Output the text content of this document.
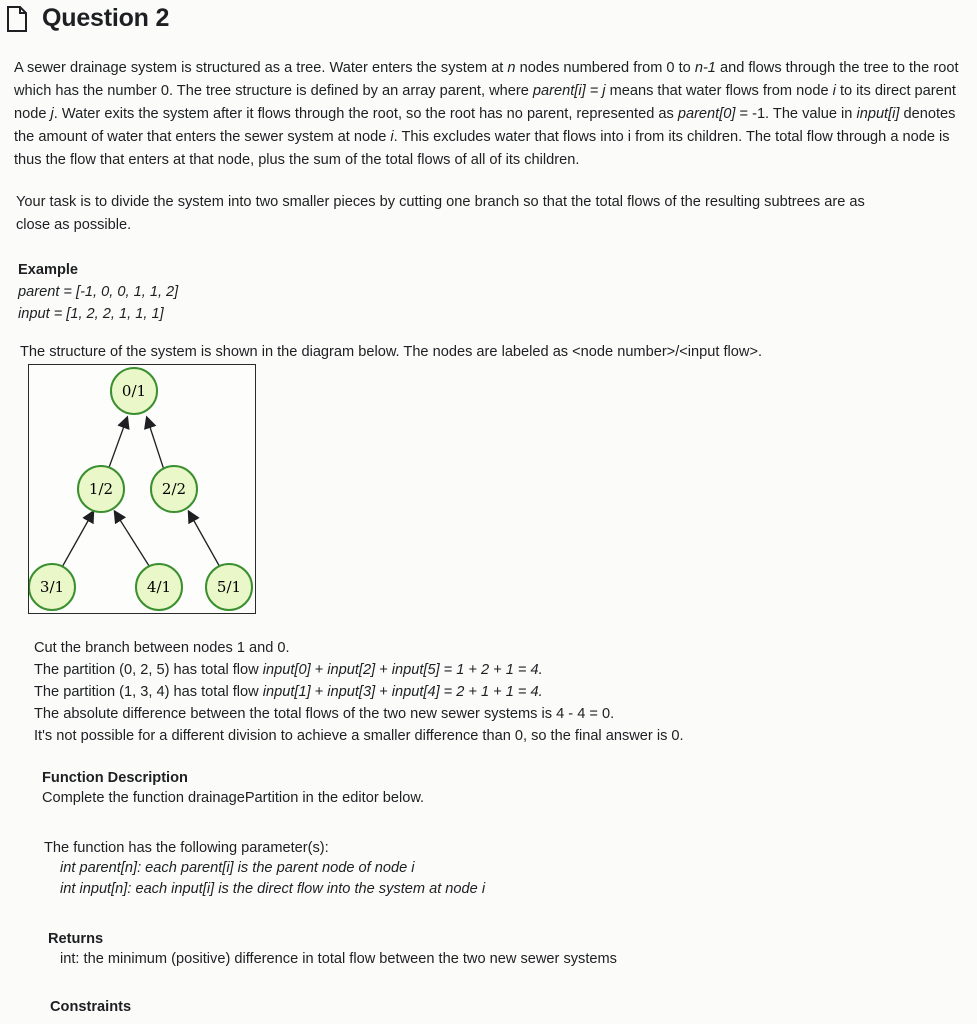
Question 2
A sewer drainage system is structured as a tree. Water enters the system at n nodes numbered from 0 to n-1 and flows through the tree to the root
which has the number 0. The tree structure is defined by an array parent, where parent[i] = j means that water flows from node i to its direct parent
node j. Water exits the system after it flows through the root, so the root has no parent, represented as parent[0] = -1. The value in input[i] denotes
the amount of water that enters the sewer system at node i. This excludes water that flows into i from its children. The total flow through a node is
thus the flow that enters at that node, plus the sum of the total flows of all of its children.
Your task is to divide the system into two smaller pieces by cutting one branch so that the total flows of the resulting subtrees are as
close as possible.
Example
parent = [-1, 0, 0, 1, 1, 2]
input = [1, 2, 2, 1, 1, 1]
The structure of the system is shown in the diagram below. The nodes are labeled as <node number>/<input flow>.
0/1
1/2	2/2
3/1	4/1	5/1
Cut the branch between nodes 1 and 0.
The partition (0, 2, 5) has total flow input[0] + input[2] + input[5] = 1 + 2 + 1 = 4.
The partition (1, 3, 4) has total flow input[1] + input[3] + input[4] = 2 + 1 + 1 = 4.
The absolute difference between the total flows of the two new sewer systems is 4 - 4 = 0.
It's not possible for a different division to achieve a smaller difference than 0, so the final answer is 0.
Function Description
Complete the function drainagePartition in the editor below.
The function has the following parameter(s):
int parent[n]: each parent[i] is the parent node of node i
int input[n]: each input[i] is the direct flow into the system at node i
Returns
int: the minimum (positive) difference in total flow between the two new sewer systems
Constraints
